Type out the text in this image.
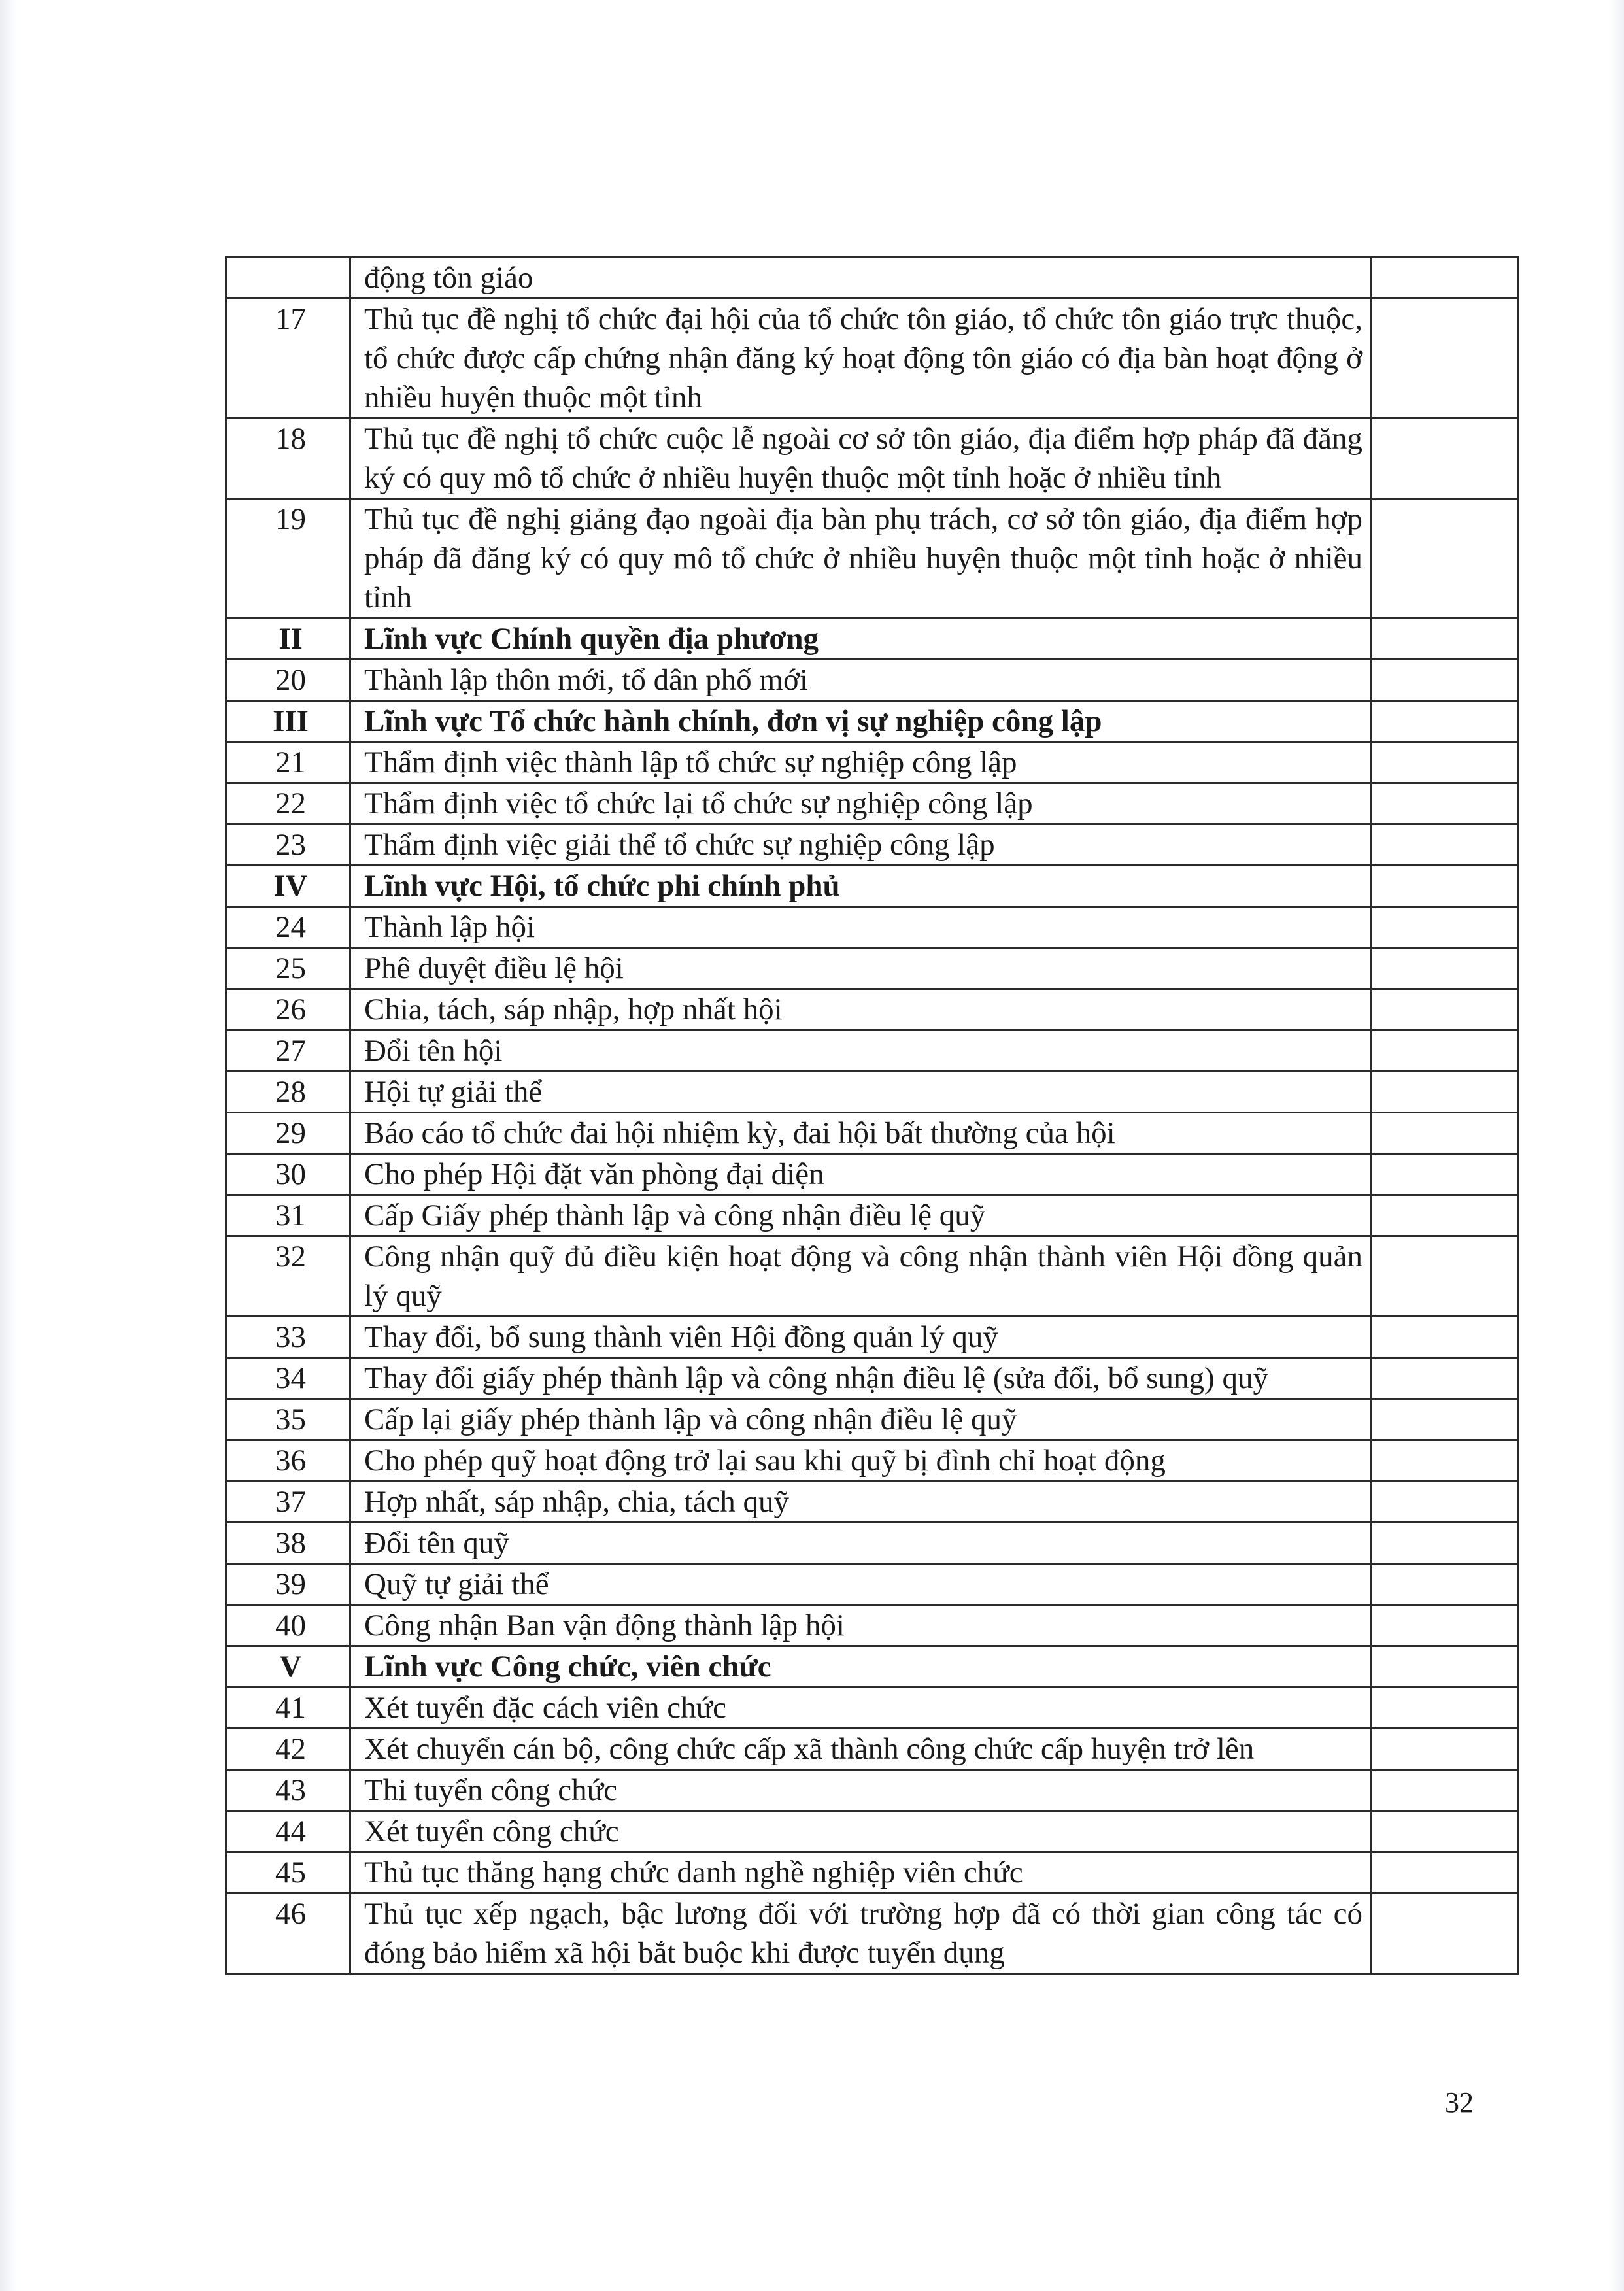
	động tôn giáo	
17	Thủ tục đề nghị tổ chức đại hội của tổ chức tôn giáo, tổ chức tôn giáo trực thuộc, tổ chức được cấp chứng nhận đăng ký hoạt động tôn giáo có địa bàn hoạt động ở nhiều huyện thuộc một tỉnh	
18	Thủ tục đề nghị tổ chức cuộc lễ ngoài cơ sở tôn giáo, địa điểm hợp pháp đã đăng ký có quy mô tổ chức ở nhiều huyện thuộc một tỉnh hoặc ở nhiều tỉnh	
19	Thủ tục đề nghị giảng đạo ngoài địa bàn phụ trách, cơ sở tôn giáo, địa điểm hợp pháp đã đăng ký có quy mô tổ chức ở nhiều huyện thuộc một tỉnh hoặc ở nhiều tỉnh	
II	Lĩnh vực Chính quyền địa phương	
20	Thành lập thôn mới, tổ dân phố mới	
III	Lĩnh vực Tổ chức hành chính, đơn vị sự nghiệp công lập	
21	Thẩm định việc thành lập tổ chức sự nghiệp công lập	
22	Thẩm định việc tổ chức lại tổ chức sự nghiệp công lập	
23	Thẩm định việc giải thể tổ chức sự nghiệp công lập	
IV	Lĩnh vực Hội, tổ chức phi chính phủ	
24	Thành lập hội	
25	Phê duyệt điều lệ hội	
26	Chia, tách, sáp nhập, hợp nhất hội	
27	Đổi tên hội	
28	Hội tự giải thể	
29	Báo cáo tổ chức đai hội nhiệm kỳ, đai hội bất thường của hội	
30	Cho phép Hội đặt văn phòng đại diện	
31	Cấp Giấy phép thành lập và công nhận điều lệ quỹ	
32	Công nhận quỹ đủ điều kiện hoạt động và công nhận thành viên Hội đồng quản lý quỹ	
33	Thay đổi, bổ sung thành viên Hội đồng quản lý quỹ	
34	Thay đổi giấy phép thành lập và công nhận điều lệ (sửa đổi, bổ sung) quỹ	
35	Cấp lại giấy phép thành lập và công nhận điều lệ quỹ	
36	Cho phép quỹ hoạt động trở lại sau khi quỹ bị đình chỉ hoạt động	
37	Hợp nhất, sáp nhập, chia, tách quỹ	
38	Đổi tên quỹ	
39	Quỹ tự giải thể	
40	Công nhận Ban vận động thành lập hội	
V	Lĩnh vực Công chức, viên chức	
41	Xét tuyển đặc cách viên chức	
42	Xét chuyển cán bộ, công chức cấp xã thành công chức cấp huyện trở lên	
43	Thi tuyển công chức	
44	Xét tuyển công chức	
45	Thủ tục thăng hạng chức danh nghề nghiệp viên chức	
46	Thủ tục xếp ngạch, bậc lương đối với trường hợp đã có thời gian công tác có đóng bảo hiểm xã hội bắt buộc khi được tuyển dụng	
32
